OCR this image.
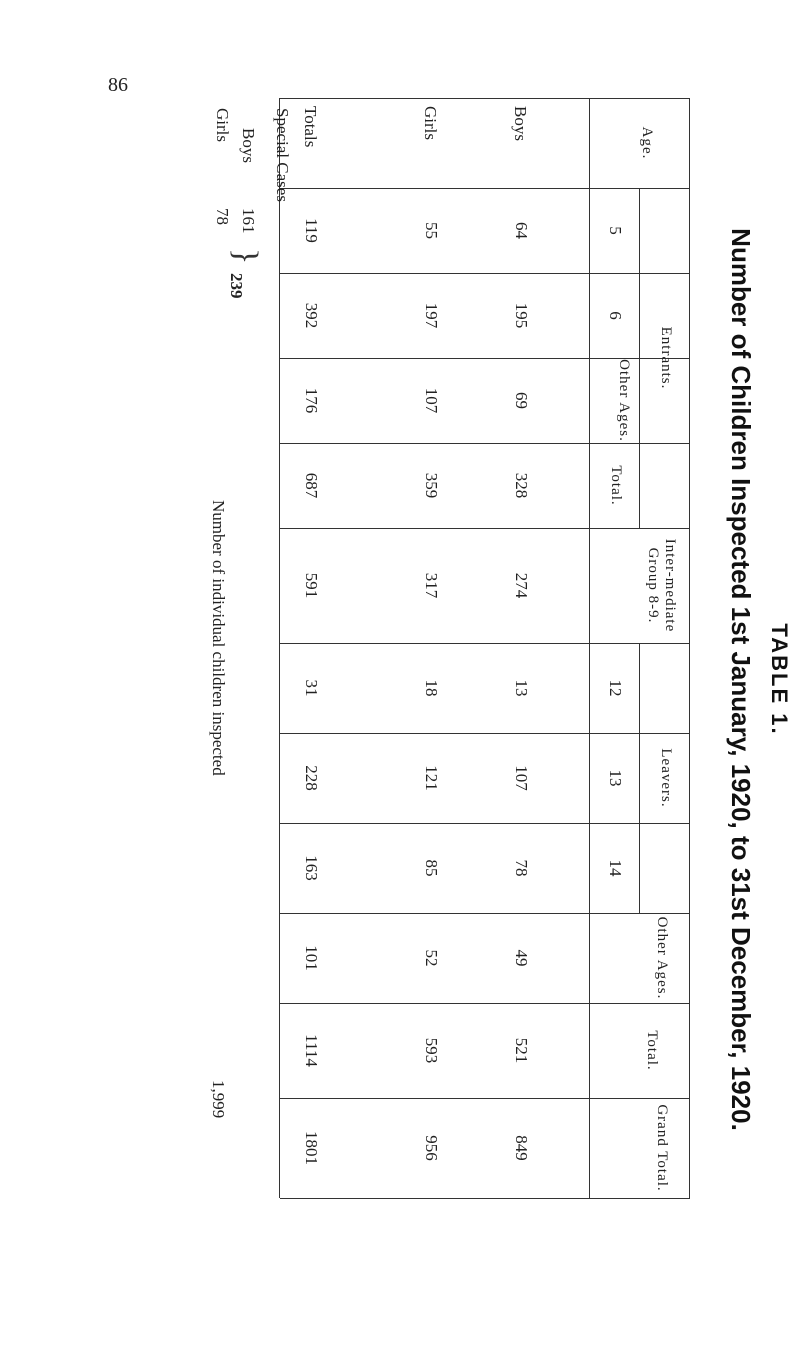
86
TABLE 1.
Number of Children Inspected 1st January, 1920, to 31st December, 1920.
Age.
Entrants.
Inter-mediate Group 8-9.
Leavers.
5
6
Other Ages.
Total.
12
13
14
Other Ages.
Total.
Grand Total.
Boys
Girls
Totals
64
195
69
328
274
13
107
78
49
521
849
55
197
107
359
317
18
121
85
52
593
956
119
392
176
687
591
31
228
163
101
1114
1801
Special Cases
Boys
161
Girls
78
}
239
Number of individual children inspected
1,999
